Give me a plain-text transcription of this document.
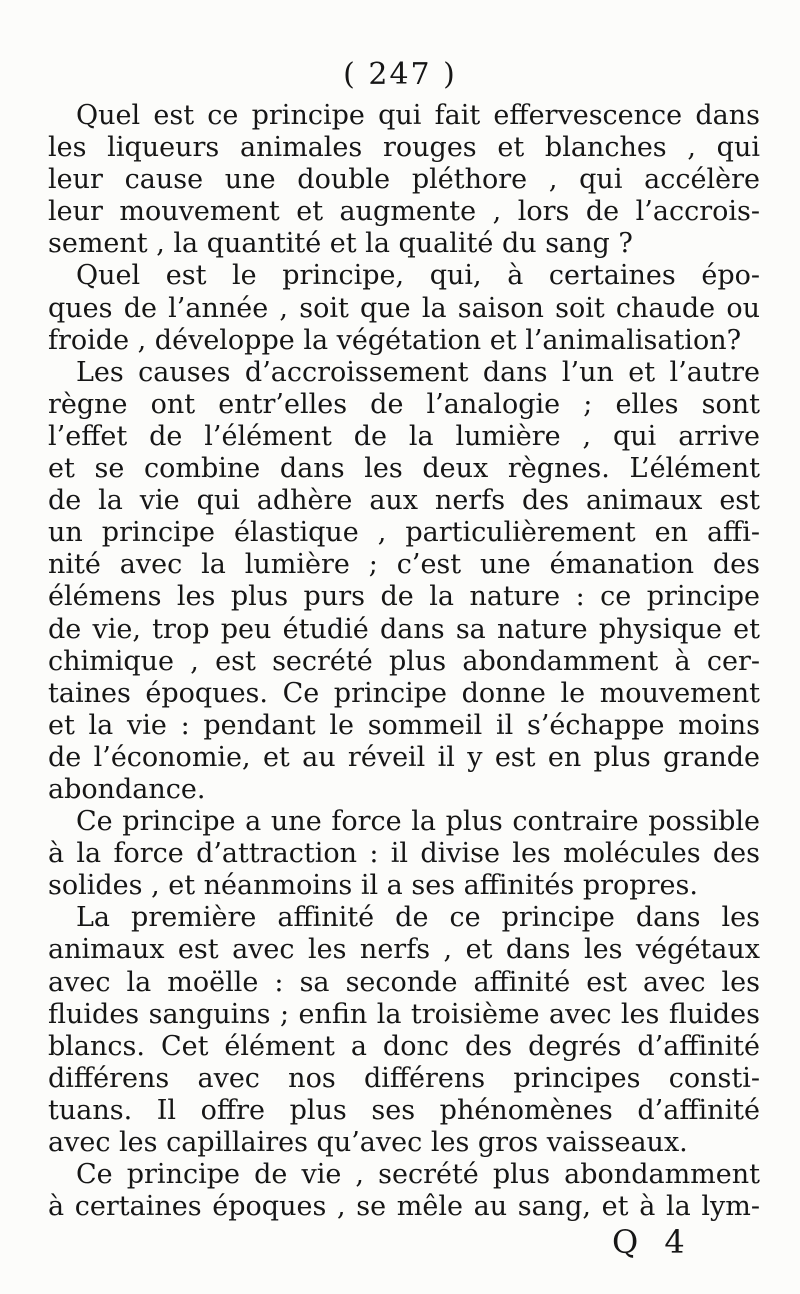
( 247 )
Quel est ce principe qui fait effervescence dans
les liqueurs animales rouges et blanches , qui
leur cause une double pléthore , qui accélère
leur mouvement et augmente , lors de l’accrois-
sement , la quantité et la qualité du sang ?
Quel est le principe, qui, à certaines épo-
ques de l’année , soit que la saison soit chaude ou
froide , développe la végétation et l’animalisation?
Les causes d’accroissement dans l’un et l’autre
règne ont entr’elles de l’analogie ; elles sont
l’effet de l’élément de la lumière , qui arrive
et se combine dans les deux règnes. L’élément
de la vie qui adhère aux nerfs des animaux est
un principe élastique , particulièrement en affi-
nité avec la lumière ; c’est une émanation des
élémens les plus purs de la nature : ce principe
de vie, trop peu étudié dans sa nature physique et
chimique , est secrété plus abondamment à cer-
taines époques. Ce principe donne le mouvement
et la vie : pendant le sommeil il s’échappe moins
de l’économie, et au réveil il y est en plus grande
abondance.
Ce principe a une force la plus contraire possible
à la force d’attraction : il divise les molécules des
solides , et néanmoins il a ses affinités propres.
La première affinité de ce principe dans les
animaux est avec les nerfs , et dans les végétaux
avec la moëlle : sa seconde affinité est avec les
fluides sanguins ; enfin la troisième avec les fluides
blancs. Cet élément a donc des degrés d’affinité
différens avec nos différens principes consti-
tuans. Il offre plus ses phénomènes d’affinité
avec les capillaires qu’avec les gros vaisseaux.
Ce principe de vie , secrété plus abondamment
à certaines époques , se mêle au sang, et à la lym-
Q 4
